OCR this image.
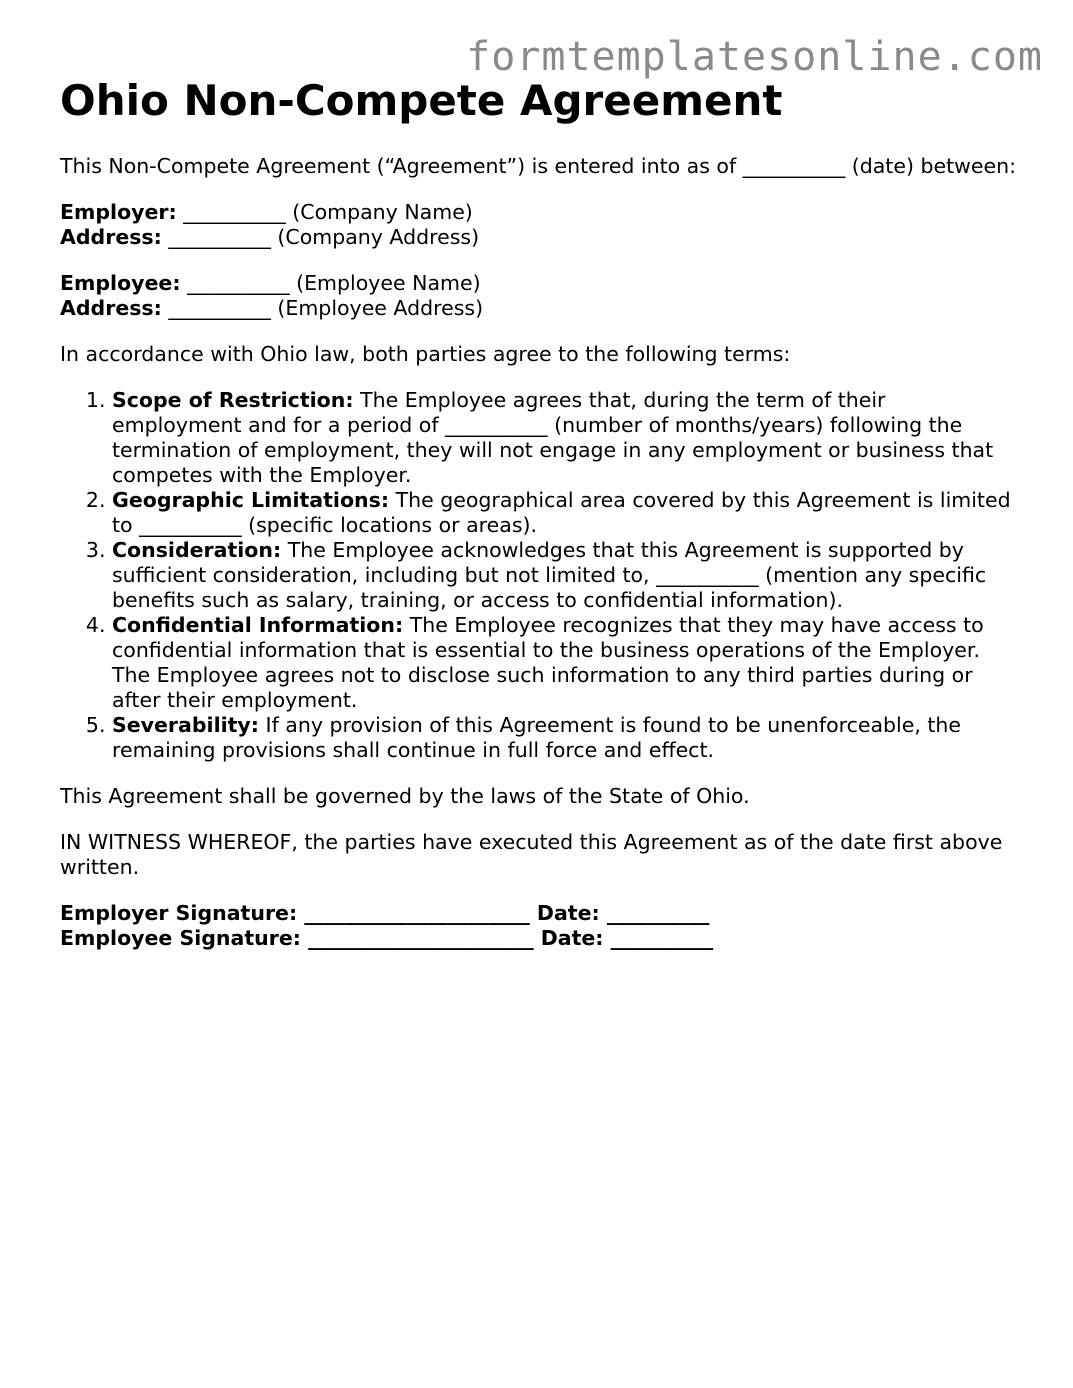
formtemplatesonline.com
Ohio Non-Compete Agreement

This Non-Compete Agreement (“Agreement”) is entered into as of __________ (date) between:

Employer: __________ (Company Name)
Address: __________ (Company Address)
Employee: __________ (Employee Name)
Address: __________ (Employee Address)

In accordance with Ohio law, both parties agree to the following terms:

1. Scope of Restriction: The Employee agrees that, during the term of their employment and for a period of __________ (number of months/years) following the termination of employment, they will not engage in any employment or business that competes with the Employer.
2. Geographic Limitations: The geographical area covered by this Agreement is limited to __________ (specific locations or areas).
3. Consideration: The Employee acknowledges that this Agreement is supported by sufficient consideration, including but not limited to, __________ (mention any specific benefits such as salary, training, or access to confidential information).
4. Confidential Information: The Employee recognizes that they may have access to confidential information that is essential to the business operations of the Employer. The Employee agrees not to disclose such information to any third parties during or after their employment.
5. Severability: If any provision of this Agreement is found to be unenforceable, the remaining provisions shall continue in full force and effect.

This Agreement shall be governed by the laws of the State of Ohio.

IN WITNESS WHEREOF, the parties have executed this Agreement as of the date first above written.

Employer Signature: ______________________ Date: __________
Employee Signature: ______________________ Date: __________
